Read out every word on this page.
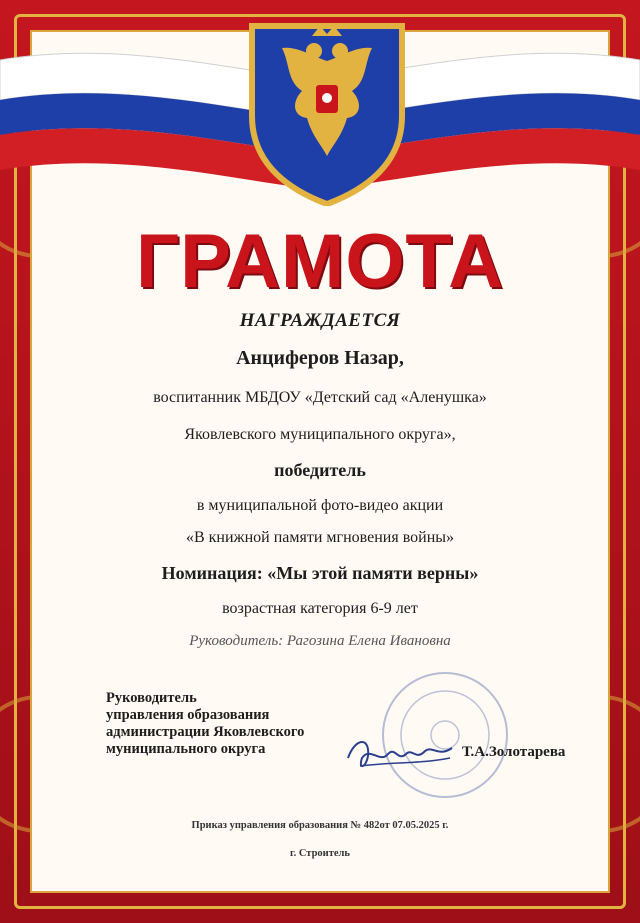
ГРАМОТА
НАГРАЖДАЕТСЯ
Анциферов Назар,
воспитанник МБДОУ «Детский сад «Аленушка»
Яковлевского муниципального округа»,
победитель
в муниципальной фото-видео акции
«В книжной памяти мгновения войны»
Номинация: «Мы этой памяти верны»
возрастная категория 6-9 лет
Руководитель: Рагозина Елена Ивановна
Руководитель
управления образования
администрации Яковлевского
муниципального округа	Т.А.Золотарева
Приказ управления образования № 482от 07.05.2025 г.
г. Строитель
